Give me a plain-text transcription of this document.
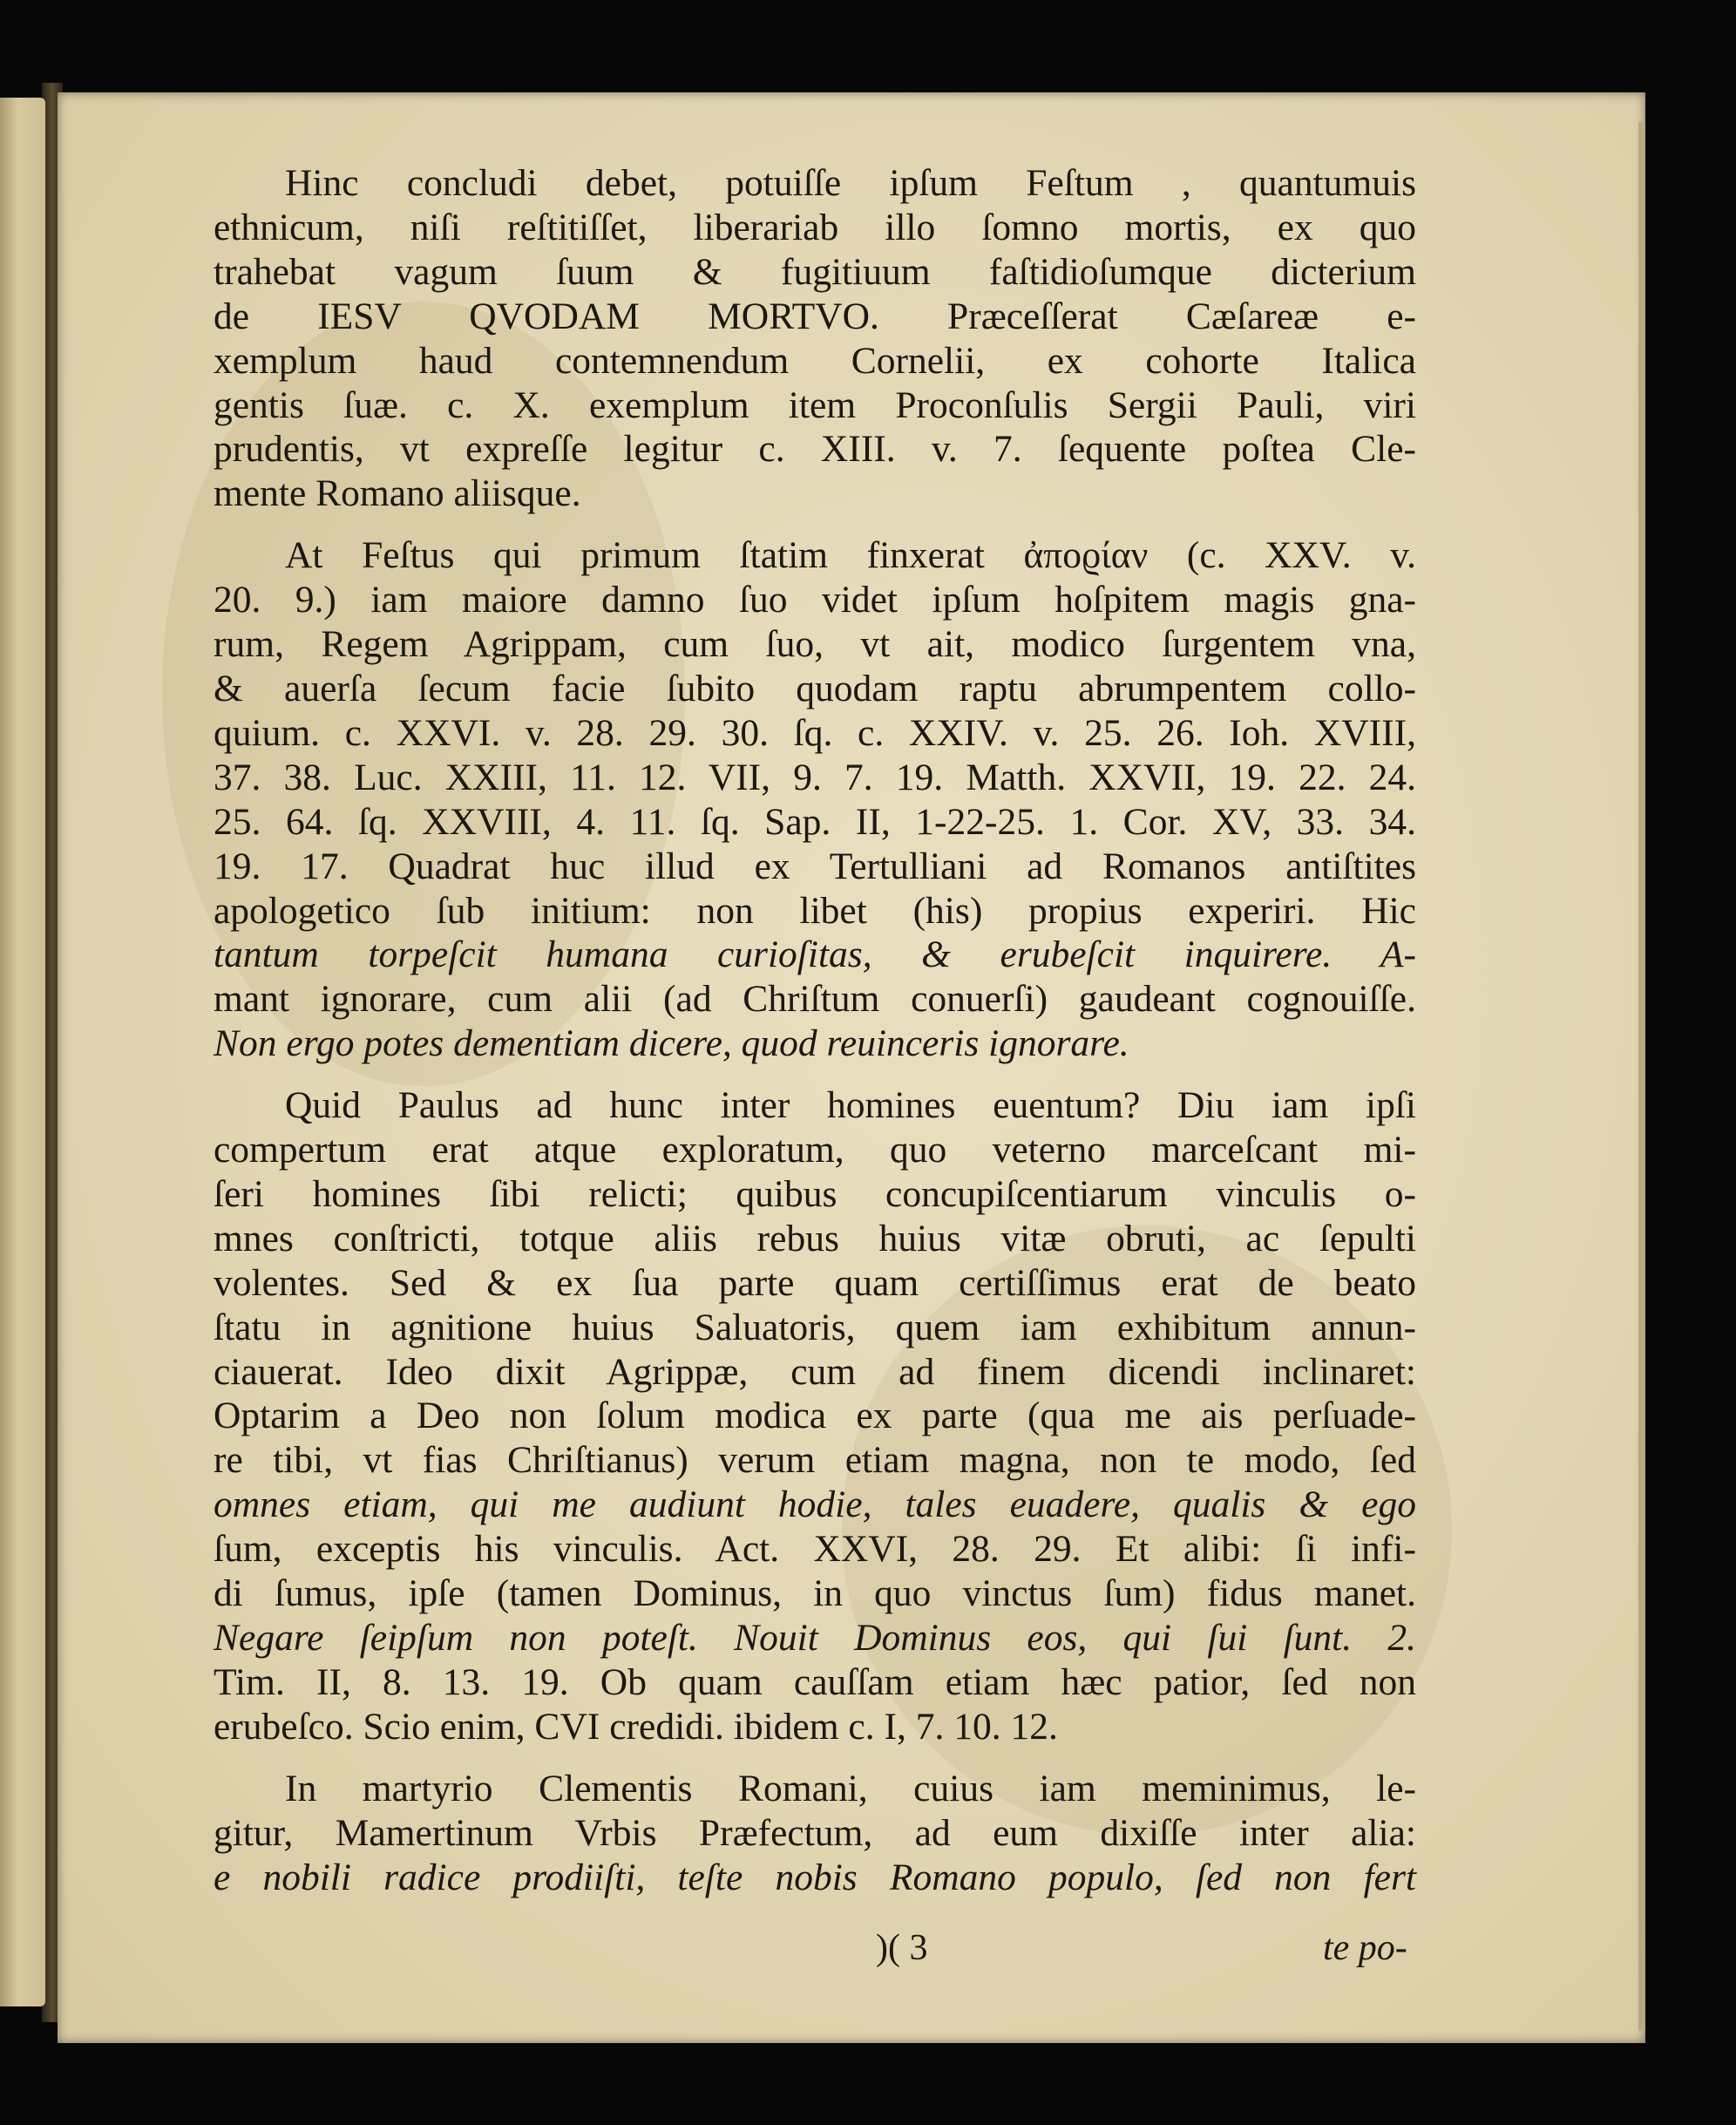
Hinc concludi debet, potuiſſe ipſum Feſtum , quantumuis
ethnicum, niſi reſtitiſſet, liberariab illo ſomno mortis, ex quo
trahebat vagum ſuum & fugitiuum faſtidioſumque dicterium
de IESV QVODAM MORTVO. Præceſſerat Cæſareæ e-
xemplum haud contemnendum Cornelii, ex cohorte Italica
gentis ſuæ. c. X. exemplum item Proconſulis Sergii Pauli, viri
prudentis, vt expreſſe legitur c. XIII. v. 7. ſequente poſtea Cle-
mente Romano aliisque.
At Feſtus qui primum ſtatim finxerat ἀποϱίαν (c. XXV. v.
20. 9.) iam maiore damno ſuo videt ipſum hoſpitem magis gna-
rum, Regem Agrippam, cum ſuo, vt ait, modico ſurgentem vna,
& auerſa ſecum facie ſubito quodam raptu abrumpentem collo-
quium. c. XXVI. v. 28. 29. 30. ſq. c. XXIV. v. 25. 26. Ioh. XVIII,
37. 38. Luc. XXIII, 11. 12. VII, 9. 7. 19. Matth. XXVII, 19. 22. 24.
25. 64. ſq. XXVIII, 4. 11. ſq. Sap. II, 1-22-25. 1. Cor. XV, 33. 34.
19. 17. Quadrat huc illud ex Tertulliani ad Romanos antiſtites
apologetico ſub initium: non libet (his) propius experiri. Hic
tantum torpeſcit humana curioſitas, & erubeſcit inquirere. A-
mant ignorare, cum alii (ad Chriſtum conuerſi) gaudeant cognouiſſe.
Non ergo potes dementiam dicere, quod reuinceris ignorare.
Quid Paulus ad hunc inter homines euentum? Diu iam ipſi
compertum erat atque exploratum, quo veterno marceſcant mi-
ſeri homines ſibi relicti; quibus concupiſcentiarum vinculis o-
mnes conſtricti, totque aliis rebus huius vitæ obruti, ac ſepulti
volentes. Sed & ex ſua parte quam certiſſimus erat de beato
ſtatu in agnitione huius Saluatoris, quem iam exhibitum annun-
ciauerat. Ideo dixit Agrippæ, cum ad finem dicendi inclinaret:
Optarim a Deo non ſolum modica ex parte (qua me ais perſuade-
re tibi, vt fias Chriſtianus) verum etiam magna, non te modo, ſed
omnes etiam, qui me audiunt hodie, tales euadere, qualis & ego
ſum, exceptis his vinculis. Act. XXVI, 28. 29. Et alibi: ſi infi-
di ſumus, ipſe (tamen Dominus, in quo vinctus ſum) fidus manet.
Negare ſeipſum non poteſt. Nouit Dominus eos, qui ſui ſunt. 2.
Tim. II, 8. 13. 19. Ob quam cauſſam etiam hæc patior, ſed non
erubeſco. Scio enim, CVI credidi. ibidem c. I, 7. 10. 12.
In martyrio Clementis Romani, cuius iam meminimus, le-
gitur, Mamertinum Vrbis Præfectum, ad eum dixiſſe inter alia:
e nobili radice prodiiſti, teſte nobis Romano populo, ſed non fert
)( 3	te po-
